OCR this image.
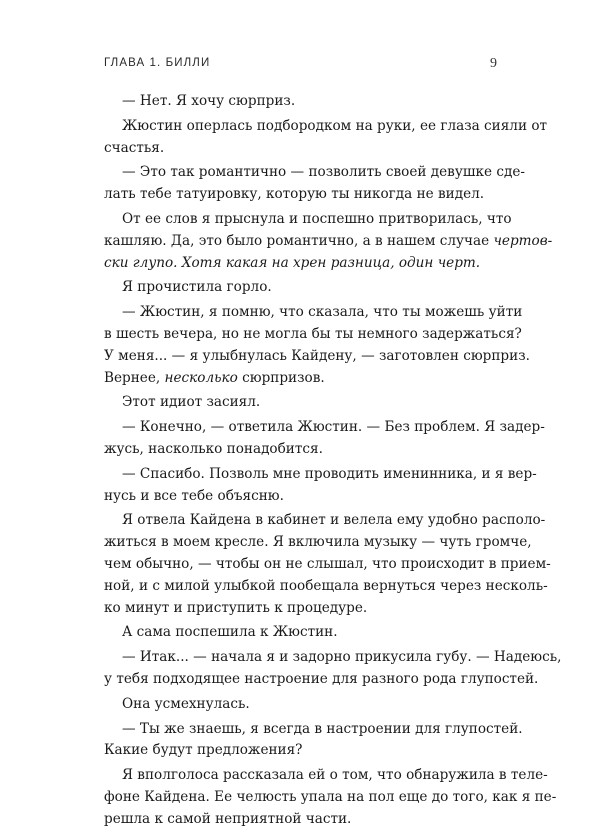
ГЛАВА 1. БИЛЛИ	9
— Нет. Я хочу сюрприз.
Жюстин оперлась подбородком на руки, ее глаза сияли от
счастья.
— Это так романтично — позволить своей девушке сде-
лать тебе татуировку, которую ты никогда не видел.
От ее слов я прыснула и поспешно притворилась, что
кашляю. Да, это было романтично, а в нашем случае чертов-
ски глупо. Хотя какая на хрен разница, один черт.
Я прочистила горло.
— Жюстин, я помню, что сказала, что ты можешь уйти
в шесть вечера, но не могла бы ты немного задержаться?
У меня... — я улыбнулась Кайдену, — заготовлен сюрприз.
Вернее, несколько сюрпризов.
Этот идиот засиял.
— Конечно, — ответила Жюстин. — Без проблем. Я задер-
жусь, насколько понадобится.
— Спасибо. Позволь мне проводить именинника, и я вер-
нусь и все тебе объясню.
Я отвела Кайдена в кабинет и велела ему удобно располо-
житься в моем кресле. Я включила музыку — чуть громче,
чем обычно, — чтобы он не слышал, что происходит в прием-
ной, и с милой улыбкой пообещала вернуться через несколь-
ко минут и приступить к процедуре.
А сама поспешила к Жюстин.
— Итак... — начала я и задорно прикусила губу. — Надеюсь,
у тебя подходящее настроение для разного рода глупостей.
Она усмехнулась.
— Ты же знаешь, я всегда в настроении для глупостей.
Какие будут предложения?
Я вполголоса рассказала ей о том, что обнаружила в теле-
фоне Кайдена. Ее челюсть упала на пол еще до того, как я пе-
решла к самой неприятной части.
